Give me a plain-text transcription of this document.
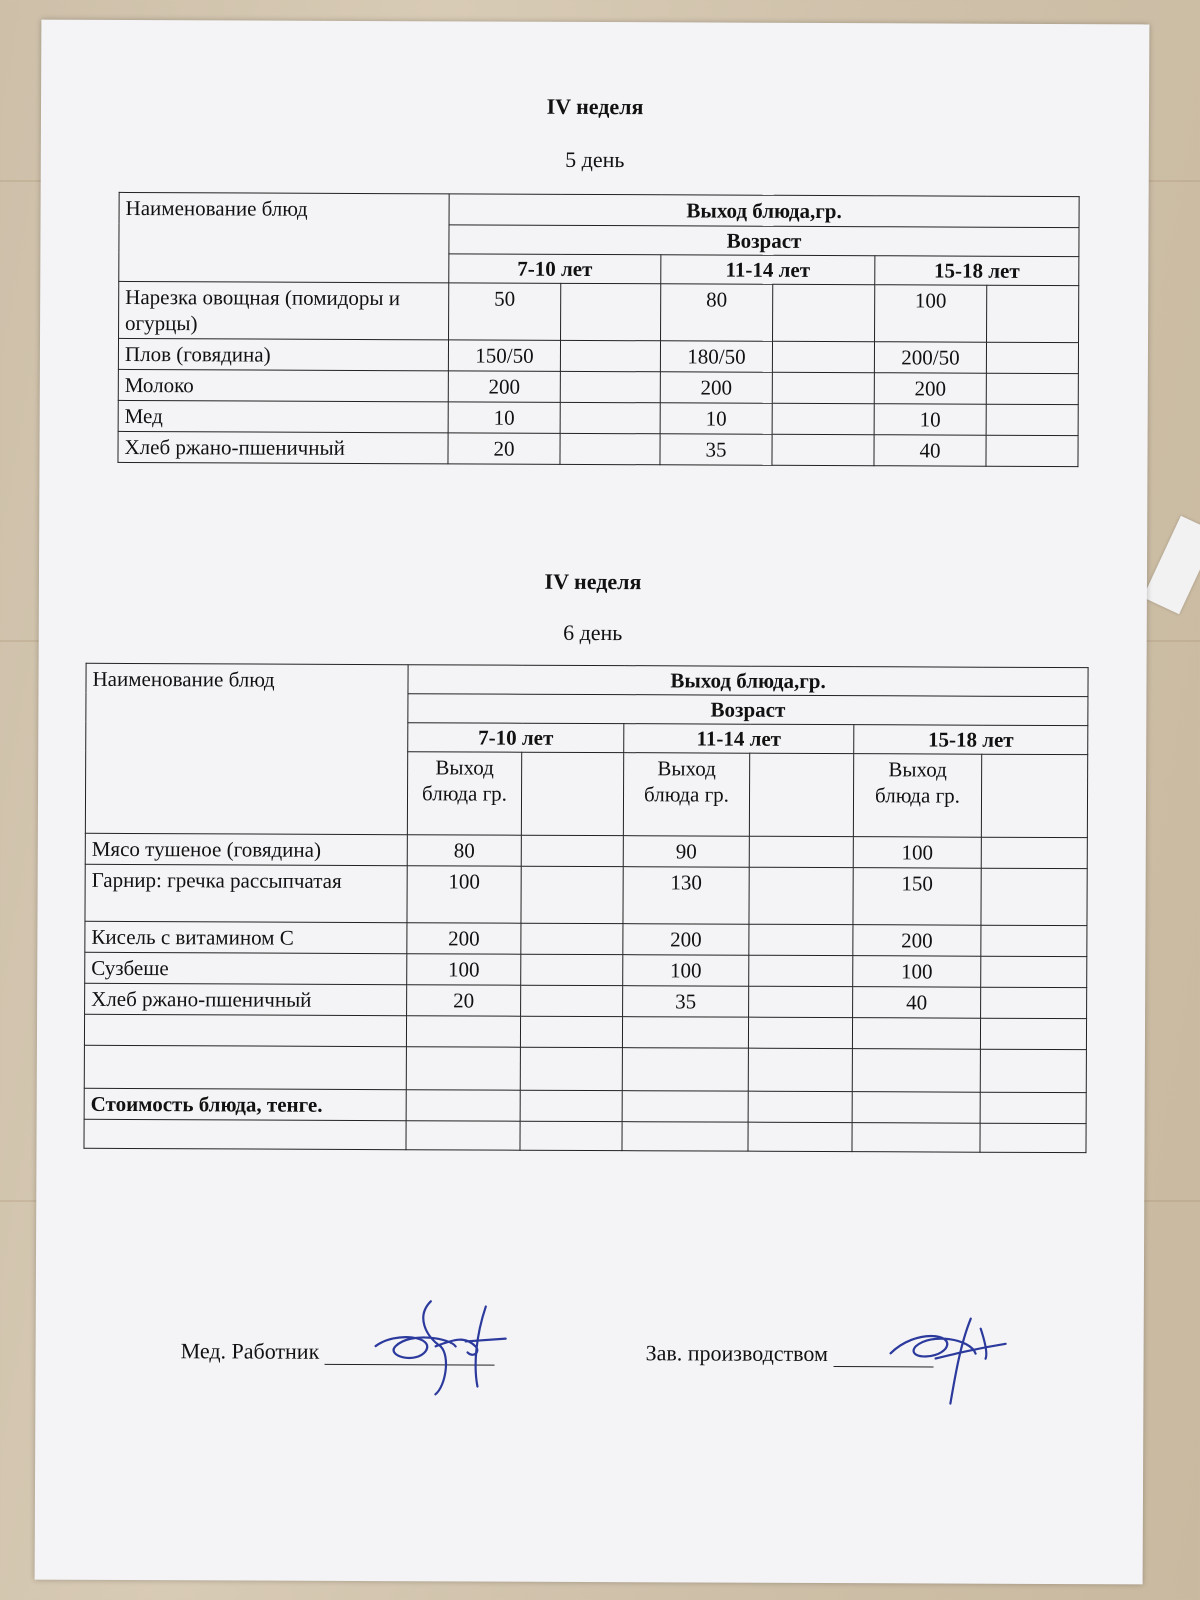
IV неделя
5 день
Наименование блюд	Выход блюда,гр.					
	Возраст					
	7-10 лет		11-14 лет		15-18 лет	
Нарезка овощная (помидоры и огурцы)	50		80		100	
Плов (говядина)	150/50		180/50		200/50	
Молоко	200		200		200	
Мед	10		10		10	
Хлеб ржано-пшеничный	20		35		40	
IV неделя
6 день
Наименование блюд	Выход блюда,гр.					
	Возраст					
	7-10 лет		11-14 лет		15-18 лет	
	Выход блюда гр.		Выход блюда гр.		Выход блюда гр.	
Мясо тушеное (говядина)	80		90		100	
Гарнир: гречка рассыпчатая	100		130		150	
Кисель с витамином С	200		200		200	
Сузбеше	100		100		100	
Хлеб ржано-пшеничный	20		35		40	

Стоимость блюда, тенге.						

Мед. Работник	Зав. производством
